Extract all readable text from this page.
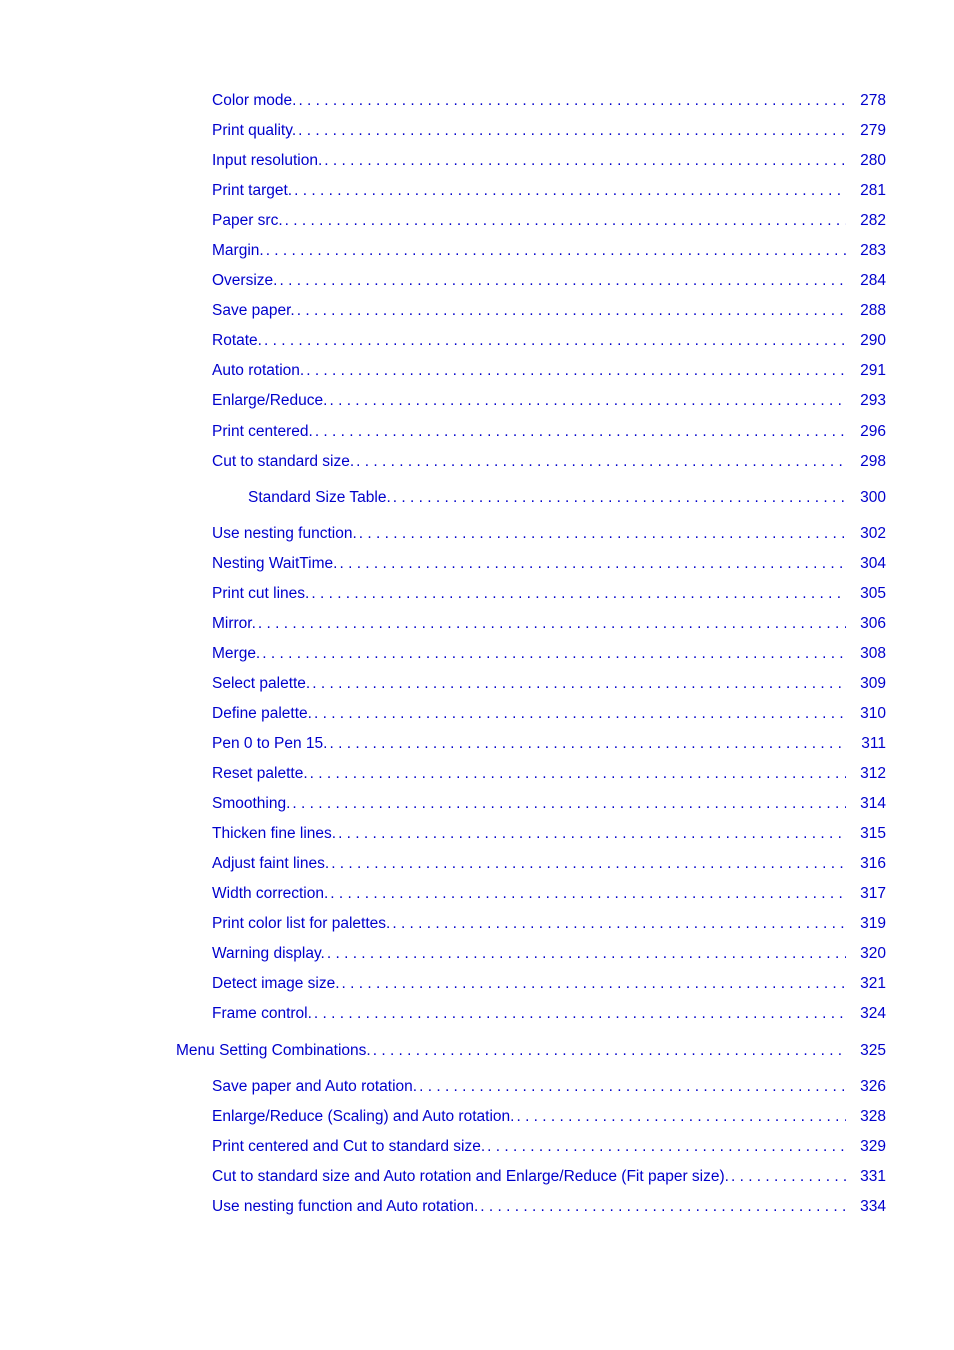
Color mode. . . .	278
Print quality. . . .	279
Input resolution. . . .	280
Print target. . . .	281
Paper src. . . .	282
Margin. . . .	283
Oversize. . . .	284
Save paper. . . .	288
Rotate. . . .	290
Auto rotation. . . .	291
Enlarge/Reduce. . . .	293
Print centered. . . .	296
Cut to standard size. . . .	298
Standard Size Table. . . .	300
Use nesting function. . . .	302
Nesting WaitTime. . . .	304
Print cut lines. . . .	305
Mirror. . . .	306
Merge. . . .	308
Select palette. . . .	309
Define palette. . . .	310
Pen 0 to Pen 15. . . .	311
Reset palette. . . .	312
Smoothing. . . .	314
Thicken fine lines. . . .	315
Adjust faint lines. . . .	316
Width correction. . . .	317
Print color list for palettes. . . .	319
Warning display. . . .	320
Detect image size. . . .	321
Frame control. . . .	324
Menu Setting Combinations. . . .	325
Save paper and Auto rotation. . . .	326
Enlarge/Reduce (Scaling) and Auto rotation. . . .	328
Print centered and Cut to standard size. . . .	329
Cut to standard size and Auto rotation and Enlarge/Reduce (Fit paper size). . . .	331
Use nesting function and Auto rotation. . . .	334
